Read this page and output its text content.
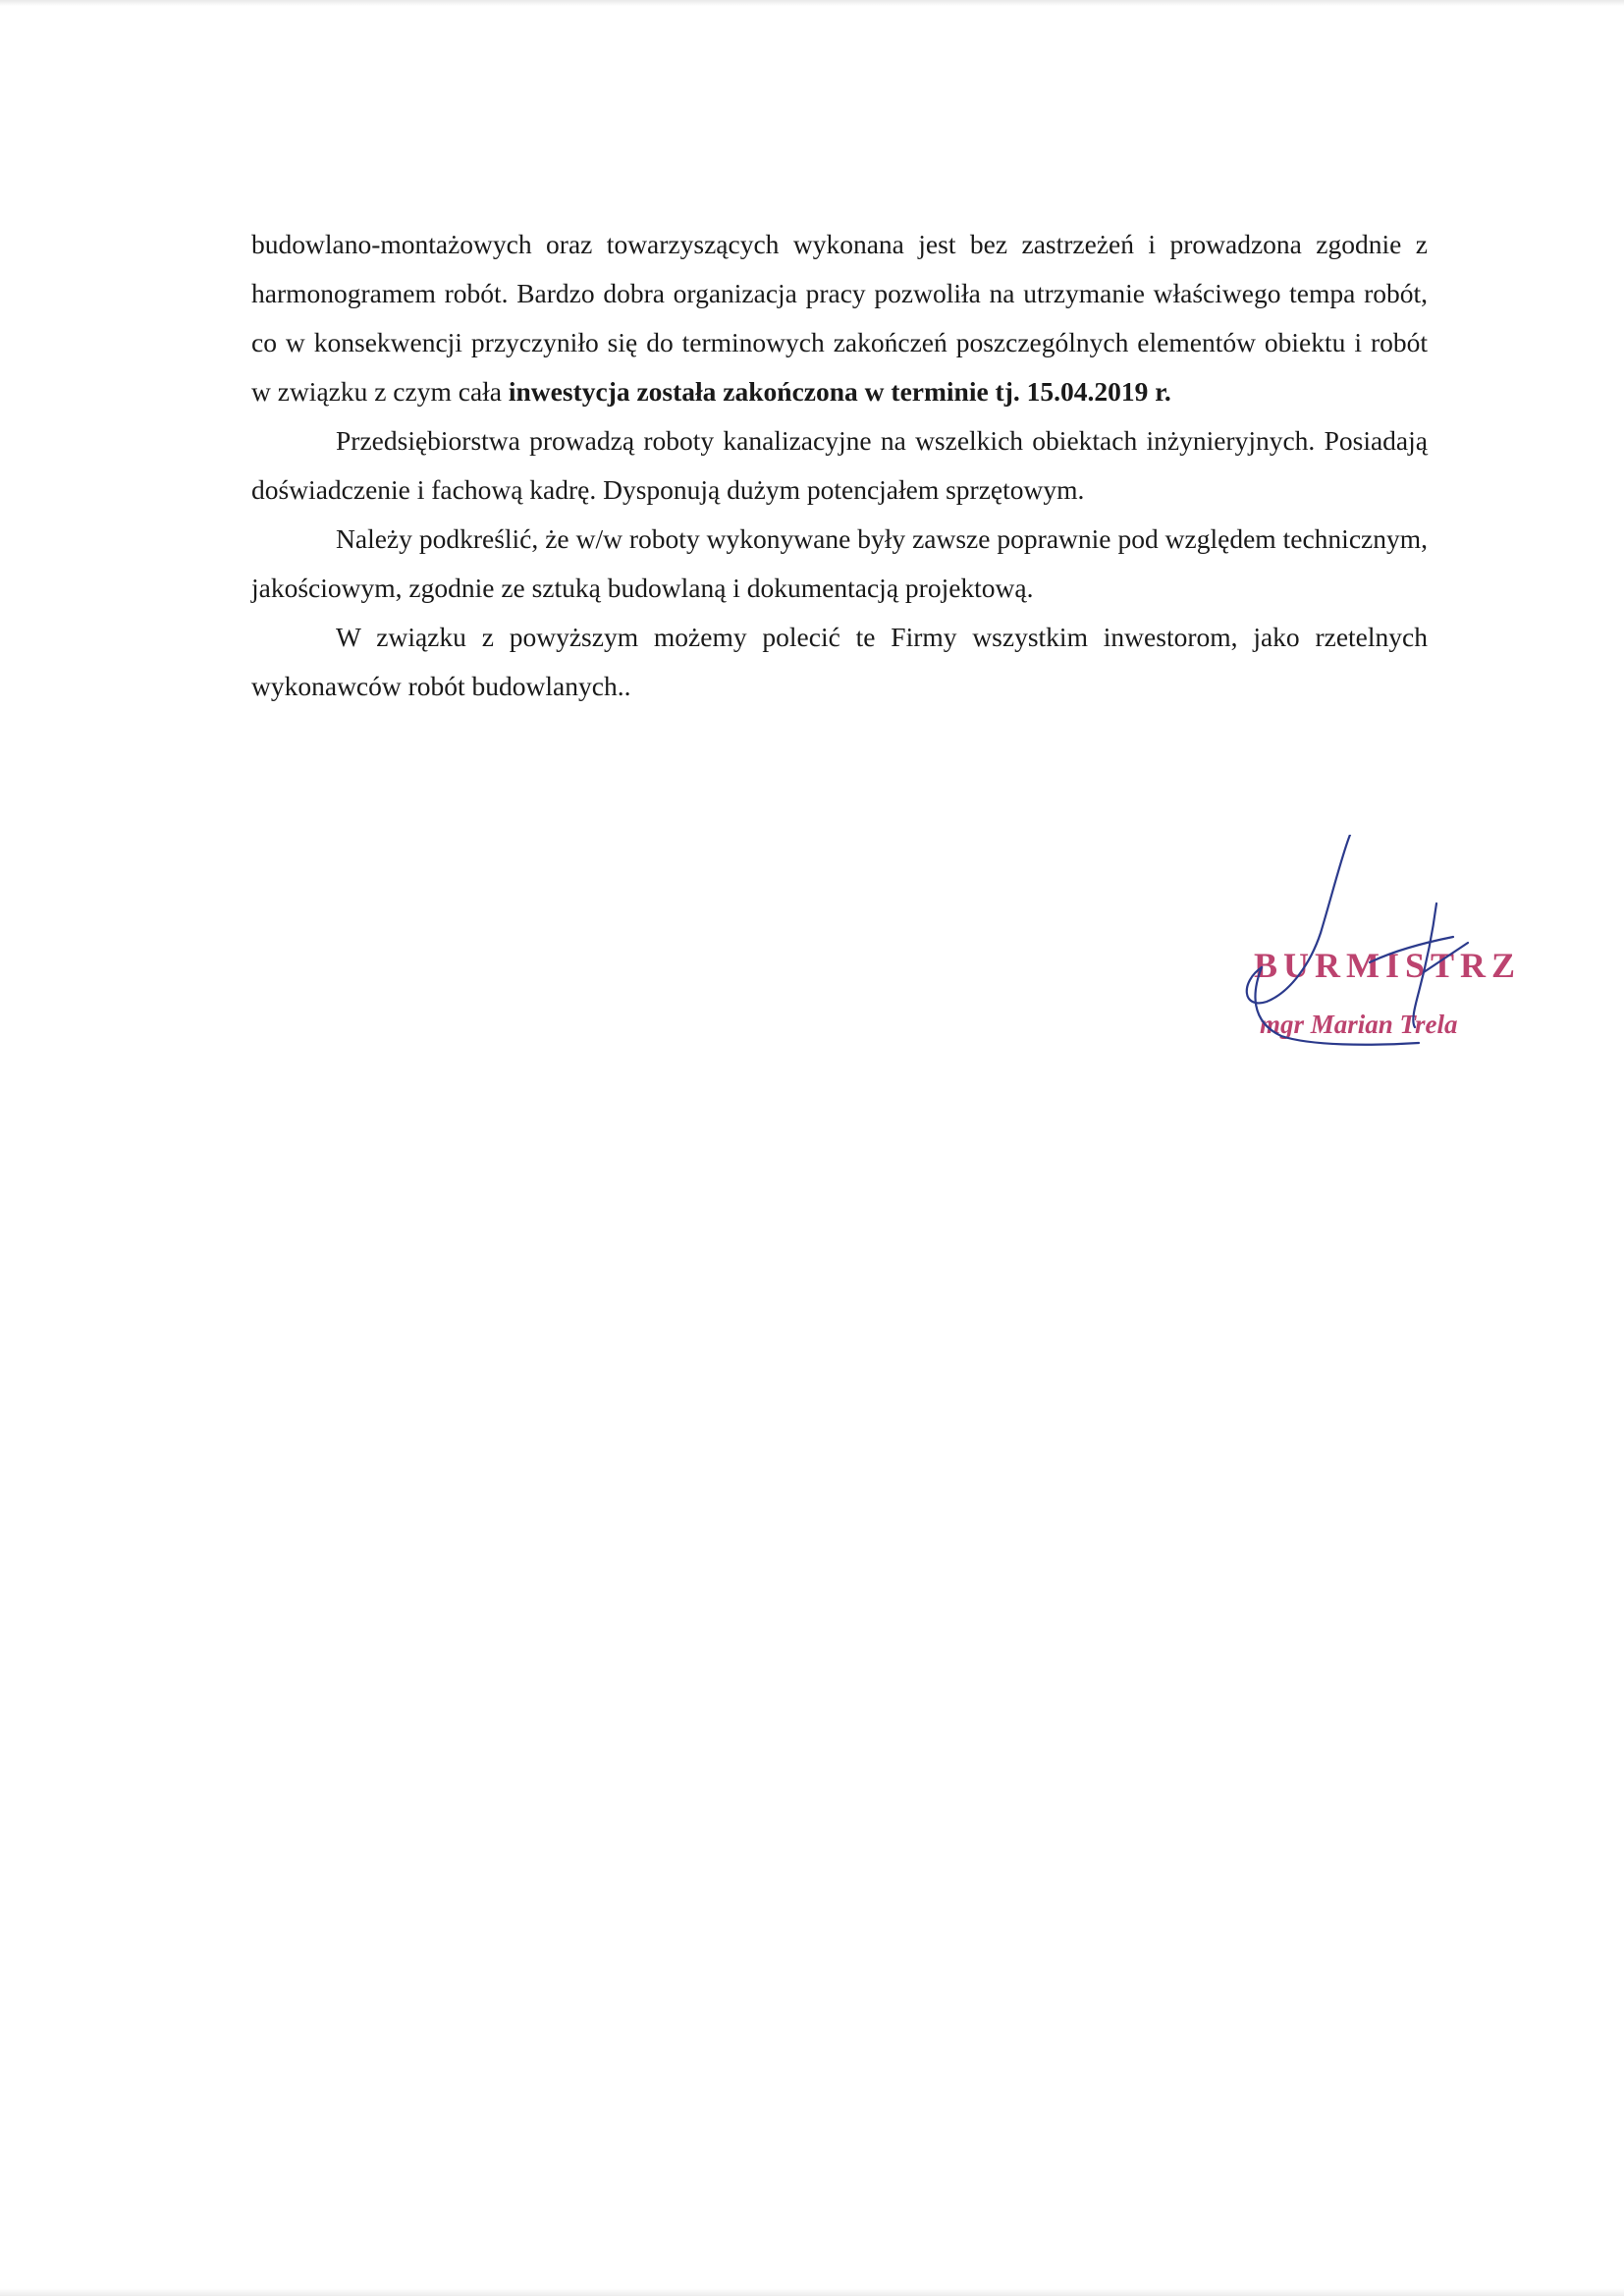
budowlano-montażowych oraz towarzyszących wykonana jest bez zastrzeżeń i prowadzona zgodnie z harmonogramem robót. Bardzo dobra organizacja pracy pozwoliła na utrzymanie właściwego tempa robót, co w konsekwencji przyczyniło się do terminowych zakończeń poszczególnych elementów obiektu i robót w związku z czym cała inwestycja została zakończona w terminie tj. 15.04.2019 r.

Przedsiębiorstwa prowadzą roboty kanalizacyjne na wszelkich obiektach inżynieryjnych. Posiadają doświadczenie i fachową kadrę. Dysponują dużym potencjałem sprzętowym.

Należy podkreślić, że w/w roboty wykonywane były zawsze poprawnie pod względem technicznym, jakościowym, zgodnie ze sztuką budowlaną i dokumentacją projektową.

W związku z powyższym możemy polecić te Firmy wszystkim inwestorom, jako rzetelnych wykonawców robót budowlanych..

BURMISTRZ
mgr Marian Trela
